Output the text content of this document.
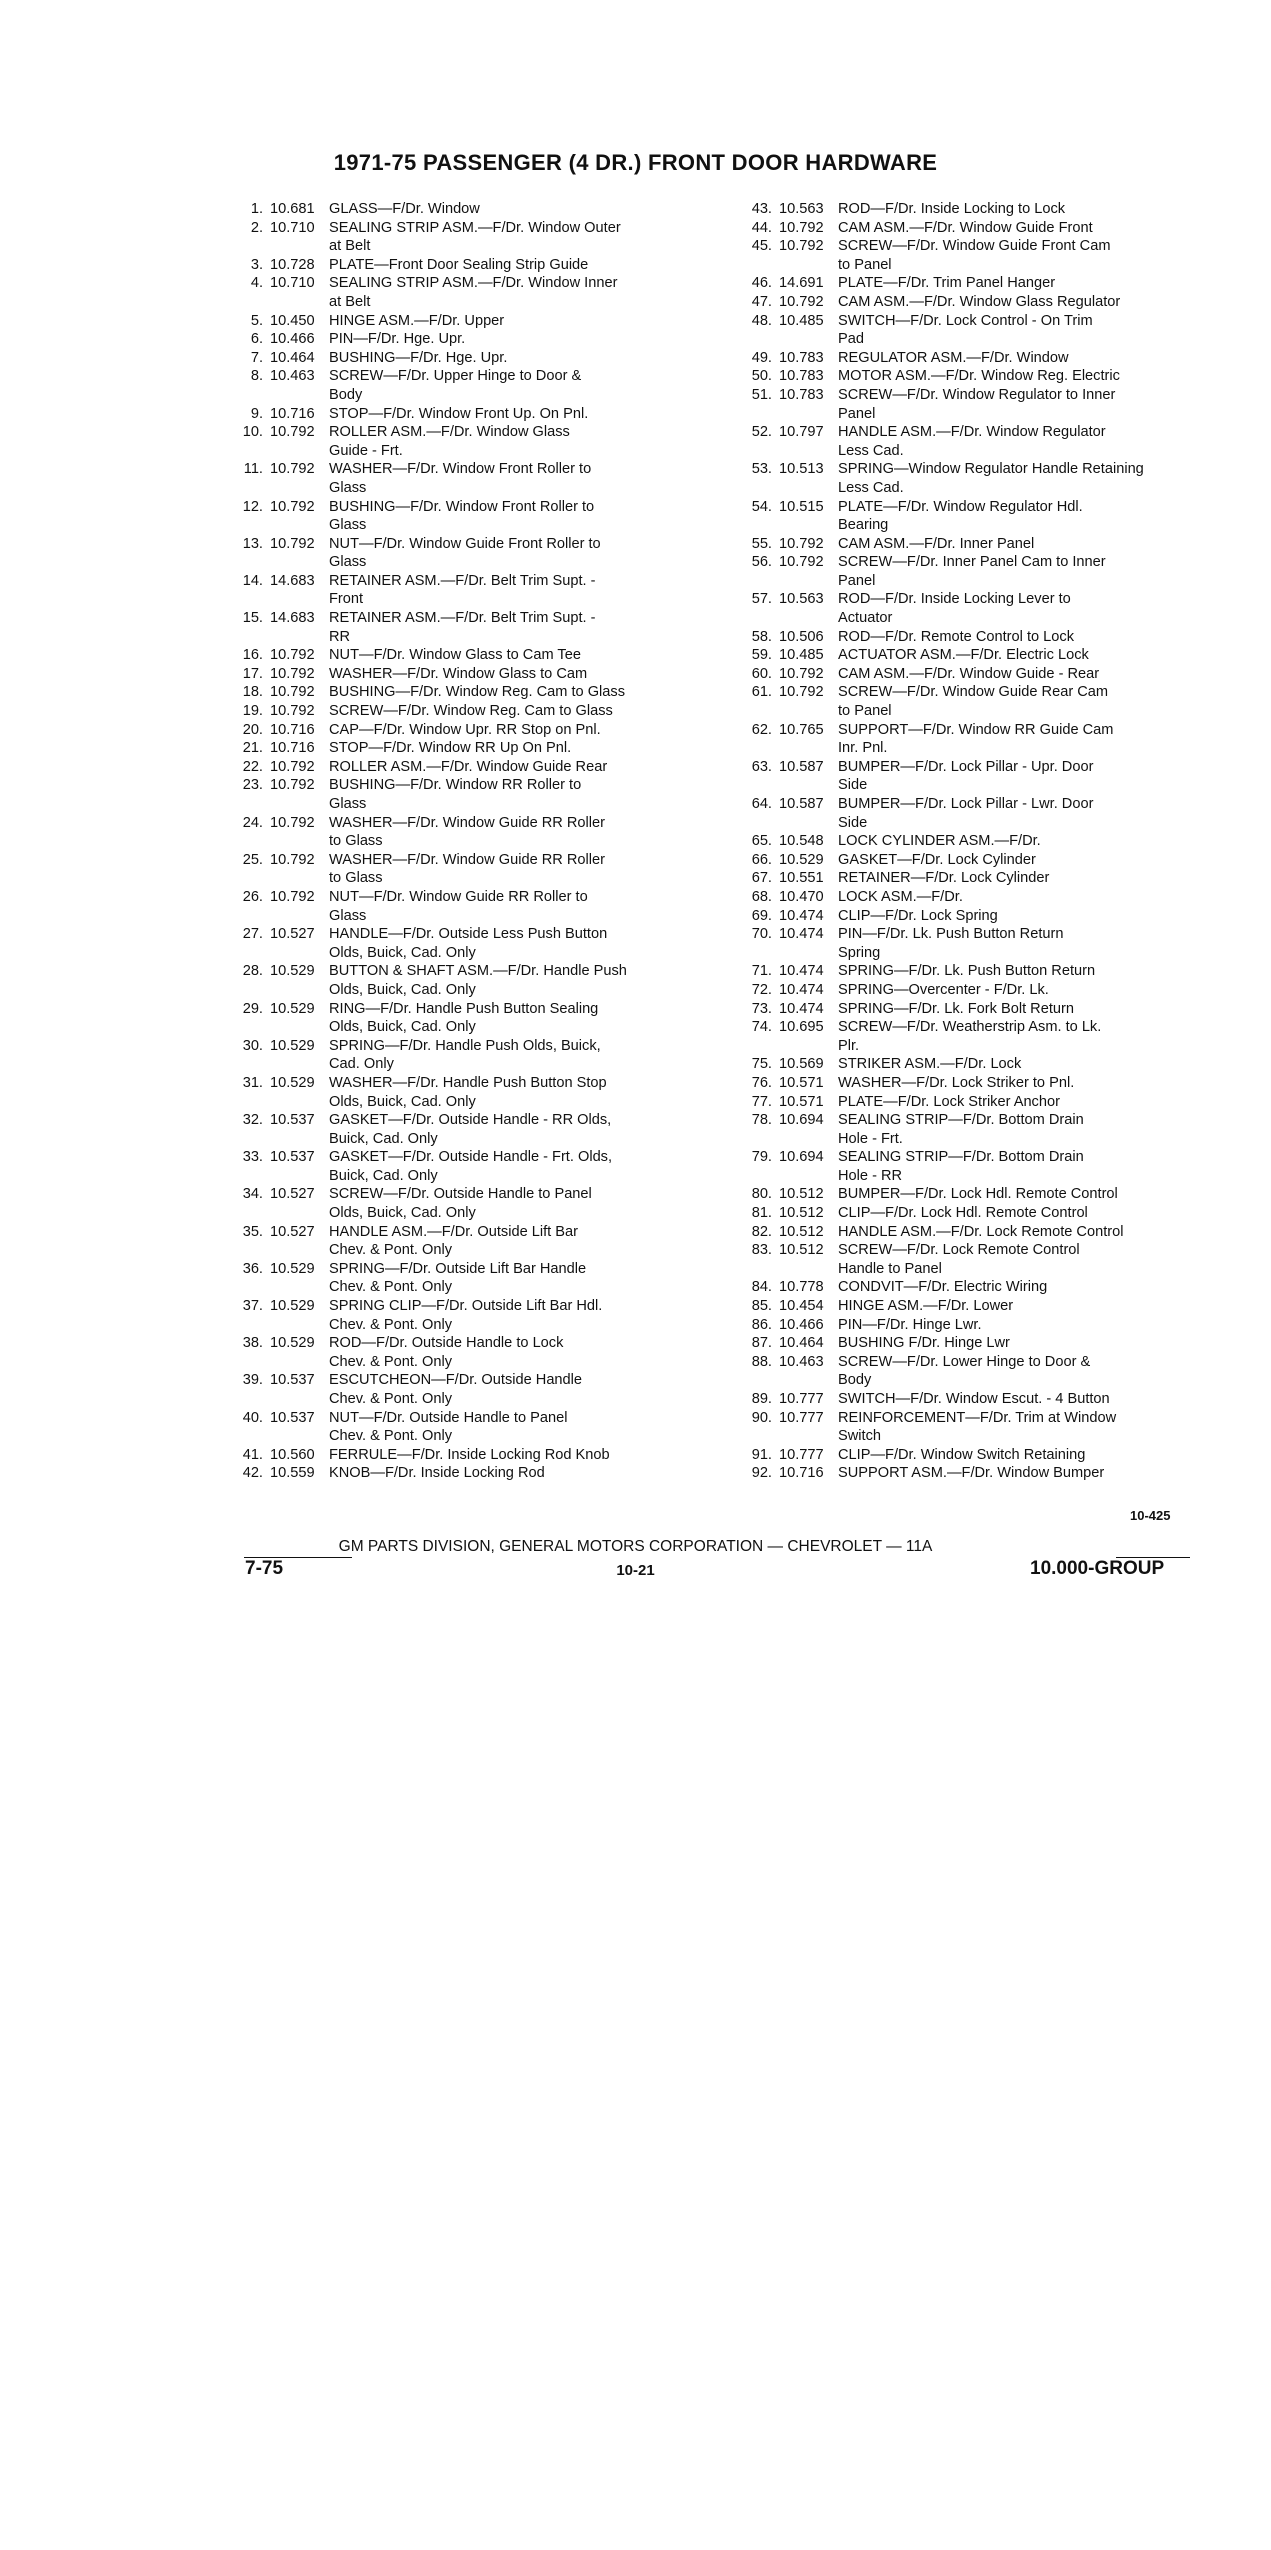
1971-75 PASSENGER (4 DR.) FRONT DOOR HARDWARE
1. 10.681 GLASS—F/Dr. Window
2. 10.710 SEALING STRIP ASM.—F/Dr. Window Outer
at Belt
3. 10.728 PLATE—Front Door Sealing Strip Guide
4. 10.710 SEALING STRIP ASM.—F/Dr. Window Inner
at Belt
5. 10.450 HINGE ASM.—F/Dr. Upper
6. 10.466 PIN—F/Dr. Hge. Upr.
7. 10.464 BUSHING—F/Dr. Hge. Upr.
8. 10.463 SCREW—F/Dr. Upper Hinge to Door &
Body
9. 10.716 STOP—F/Dr. Window Front Up. On Pnl.
10. 10.792 ROLLER ASM.—F/Dr. Window Glass
Guide - Frt.
11. 10.792 WASHER—F/Dr. Window Front Roller to
Glass
12. 10.792 BUSHING—F/Dr. Window Front Roller to
Glass
13. 10.792 NUT—F/Dr. Window Guide Front Roller to
Glass
14. 14.683 RETAINER ASM.—F/Dr. Belt Trim Supt. -
Front
15. 14.683 RETAINER ASM.—F/Dr. Belt Trim Supt. -
RR
16. 10.792 NUT—F/Dr. Window Glass to Cam Tee
17. 10.792 WASHER—F/Dr. Window Glass to Cam
18. 10.792 BUSHING—F/Dr. Window Reg. Cam to Glass
19. 10.792 SCREW—F/Dr. Window Reg. Cam to Glass
20. 10.716 CAP—F/Dr. Window Upr. RR Stop on Pnl.
21. 10.716 STOP—F/Dr. Window RR Up On Pnl.
22. 10.792 ROLLER ASM.—F/Dr. Window Guide Rear
23. 10.792 BUSHING—F/Dr. Window RR Roller to
Glass
24. 10.792 WASHER—F/Dr. Window Guide RR Roller
to Glass
25. 10.792 WASHER—F/Dr. Window Guide RR Roller
to Glass
26. 10.792 NUT—F/Dr. Window Guide RR Roller to
Glass
27. 10.527 HANDLE—F/Dr. Outside Less Push Button
Olds, Buick, Cad. Only
28. 10.529 BUTTON & SHAFT ASM.—F/Dr. Handle Push
Olds, Buick, Cad. Only
29. 10.529 RING—F/Dr. Handle Push Button Sealing
Olds, Buick, Cad. Only
30. 10.529 SPRING—F/Dr. Handle Push Olds, Buick,
Cad. Only
31. 10.529 WASHER—F/Dr. Handle Push Button Stop
Olds, Buick, Cad. Only
32. 10.537 GASKET—F/Dr. Outside Handle - RR Olds,
Buick, Cad. Only
33. 10.537 GASKET—F/Dr. Outside Handle - Frt. Olds,
Buick, Cad. Only
34. 10.527 SCREW—F/Dr. Outside Handle to Panel
Olds, Buick, Cad. Only
35. 10.527 HANDLE ASM.—F/Dr. Outside Lift Bar
Chev. & Pont. Only
36. 10.529 SPRING—F/Dr. Outside Lift Bar Handle
Chev. & Pont. Only
37. 10.529 SPRING CLIP—F/Dr. Outside Lift Bar Hdl.
Chev. & Pont. Only
38. 10.529 ROD—F/Dr. Outside Handle to Lock
Chev. & Pont. Only
39. 10.537 ESCUTCHEON—F/Dr. Outside Handle
Chev. & Pont. Only
40. 10.537 NUT—F/Dr. Outside Handle to Panel
Chev. & Pont. Only
41. 10.560 FERRULE—F/Dr. Inside Locking Rod Knob
42. 10.559 KNOB—F/Dr. Inside Locking Rod
43. 10.563 ROD—F/Dr. Inside Locking to Lock
44. 10.792 CAM ASM.—F/Dr. Window Guide Front
45. 10.792 SCREW—F/Dr. Window Guide Front Cam
to Panel
46. 14.691 PLATE—F/Dr. Trim Panel Hanger
47. 10.792 CAM ASM.—F/Dr. Window Glass Regulator
48. 10.485 SWITCH—F/Dr. Lock Control - On Trim
Pad
49. 10.783 REGULATOR ASM.—F/Dr. Window
50. 10.783 MOTOR ASM.—F/Dr. Window Reg. Electric
51. 10.783 SCREW—F/Dr. Window Regulator to Inner
Panel
52. 10.797 HANDLE ASM.—F/Dr. Window Regulator
Less Cad.
53. 10.513 SPRING—Window Regulator Handle Retaining
Less Cad.
54. 10.515 PLATE—F/Dr. Window Regulator Hdl.
Bearing
55. 10.792 CAM ASM.—F/Dr. Inner Panel
56. 10.792 SCREW—F/Dr. Inner Panel Cam to Inner
Panel
57. 10.563 ROD—F/Dr. Inside Locking Lever to
Actuator
58. 10.506 ROD—F/Dr. Remote Control to Lock
59. 10.485 ACTUATOR ASM.—F/Dr. Electric Lock
60. 10.792 CAM ASM.—F/Dr. Window Guide - Rear
61. 10.792 SCREW—F/Dr. Window Guide Rear Cam
to Panel
62. 10.765 SUPPORT—F/Dr. Window RR Guide Cam
Inr. Pnl.
63. 10.587 BUMPER—F/Dr. Lock Pillar - Upr. Door
Side
64. 10.587 BUMPER—F/Dr. Lock Pillar - Lwr. Door
Side
65. 10.548 LOCK CYLINDER ASM.—F/Dr.
66. 10.529 GASKET—F/Dr. Lock Cylinder
67. 10.551 RETAINER—F/Dr. Lock Cylinder
68. 10.470 LOCK ASM.—F/Dr.
69. 10.474 CLIP—F/Dr. Lock Spring
70. 10.474 PIN—F/Dr. Lk. Push Button Return
Spring
71. 10.474 SPRING—F/Dr. Lk. Push Button Return
72. 10.474 SPRING—Overcenter - F/Dr. Lk.
73. 10.474 SPRING—F/Dr. Lk. Fork Bolt Return
74. 10.695 SCREW—F/Dr. Weatherstrip Asm. to Lk.
Plr.
75. 10.569 STRIKER ASM.—F/Dr. Lock
76. 10.571 WASHER—F/Dr. Lock Striker to Pnl.
77. 10.571 PLATE—F/Dr. Lock Striker Anchor
78. 10.694 SEALING STRIP—F/Dr. Bottom Drain
Hole - Frt.
79. 10.694 SEALING STRIP—F/Dr. Bottom Drain
Hole - RR
80. 10.512 BUMPER—F/Dr. Lock Hdl. Remote Control
81. 10.512 CLIP—F/Dr. Lock Hdl. Remote Control
82. 10.512 HANDLE ASM.—F/Dr. Lock Remote Control
83. 10.512 SCREW—F/Dr. Lock Remote Control
Handle to Panel
84. 10.778 CONDVIT—F/Dr. Electric Wiring
85. 10.454 HINGE ASM.—F/Dr. Lower
86. 10.466 PIN—F/Dr. Hinge Lwr.
87. 10.464 BUSHING F/Dr. Hinge Lwr
88. 10.463 SCREW—F/Dr. Lower Hinge to Door &
Body
89. 10.777 SWITCH—F/Dr. Window Escut. - 4 Button
90. 10.777 REINFORCEMENT—F/Dr. Trim at Window
Switch
91. 10.777 CLIP—F/Dr. Window Switch Retaining
92. 10.716 SUPPORT ASM.—F/Dr. Window Bumper
10-425
GM PARTS DIVISION, GENERAL MOTORS CORPORATION — CHEVROLET — 11A
7-75	10-21	10.000-GROUP
